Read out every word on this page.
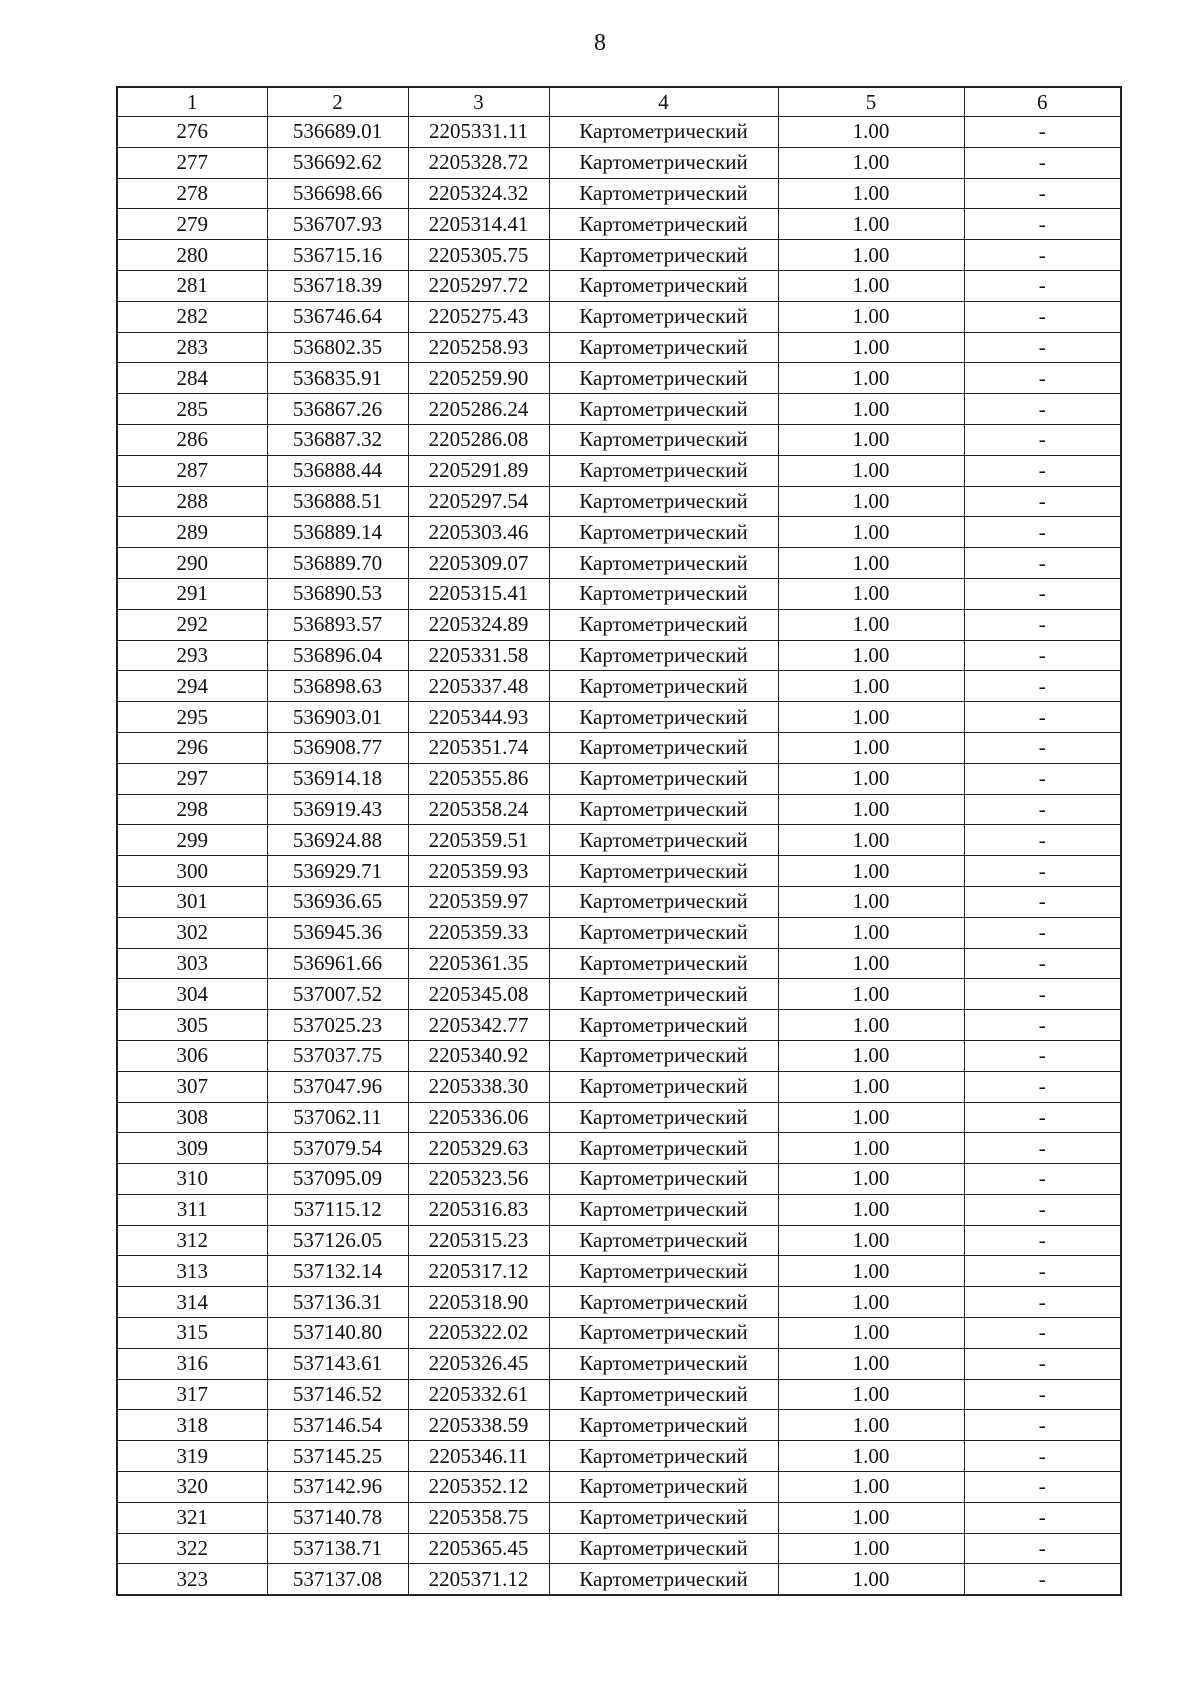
8
1	2	3	4	5	6
276	536689.01	2205331.11	Картометрический	1.00	-
277	536692.62	2205328.72	Картометрический	1.00	-
278	536698.66	2205324.32	Картометрический	1.00	-
279	536707.93	2205314.41	Картометрический	1.00	-
280	536715.16	2205305.75	Картометрический	1.00	-
281	536718.39	2205297.72	Картометрический	1.00	-
282	536746.64	2205275.43	Картометрический	1.00	-
283	536802.35	2205258.93	Картометрический	1.00	-
284	536835.91	2205259.90	Картометрический	1.00	-
285	536867.26	2205286.24	Картометрический	1.00	-
286	536887.32	2205286.08	Картометрический	1.00	-
287	536888.44	2205291.89	Картометрический	1.00	-
288	536888.51	2205297.54	Картометрический	1.00	-
289	536889.14	2205303.46	Картометрический	1.00	-
290	536889.70	2205309.07	Картометрический	1.00	-
291	536890.53	2205315.41	Картометрический	1.00	-
292	536893.57	2205324.89	Картометрический	1.00	-
293	536896.04	2205331.58	Картометрический	1.00	-
294	536898.63	2205337.48	Картометрический	1.00	-
295	536903.01	2205344.93	Картометрический	1.00	-
296	536908.77	2205351.74	Картометрический	1.00	-
297	536914.18	2205355.86	Картометрический	1.00	-
298	536919.43	2205358.24	Картометрический	1.00	-
299	536924.88	2205359.51	Картометрический	1.00	-
300	536929.71	2205359.93	Картометрический	1.00	-
301	536936.65	2205359.97	Картометрический	1.00	-
302	536945.36	2205359.33	Картометрический	1.00	-
303	536961.66	2205361.35	Картометрический	1.00	-
304	537007.52	2205345.08	Картометрический	1.00	-
305	537025.23	2205342.77	Картометрический	1.00	-
306	537037.75	2205340.92	Картометрический	1.00	-
307	537047.96	2205338.30	Картометрический	1.00	-
308	537062.11	2205336.06	Картометрический	1.00	-
309	537079.54	2205329.63	Картометрический	1.00	-
310	537095.09	2205323.56	Картометрический	1.00	-
311	537115.12	2205316.83	Картометрический	1.00	-
312	537126.05	2205315.23	Картометрический	1.00	-
313	537132.14	2205317.12	Картометрический	1.00	-
314	537136.31	2205318.90	Картометрический	1.00	-
315	537140.80	2205322.02	Картометрический	1.00	-
316	537143.61	2205326.45	Картометрический	1.00	-
317	537146.52	2205332.61	Картометрический	1.00	-
318	537146.54	2205338.59	Картометрический	1.00	-
319	537145.25	2205346.11	Картометрический	1.00	-
320	537142.96	2205352.12	Картометрический	1.00	-
321	537140.78	2205358.75	Картометрический	1.00	-
322	537138.71	2205365.45	Картометрический	1.00	-
323	537137.08	2205371.12	Картометрический	1.00	-
